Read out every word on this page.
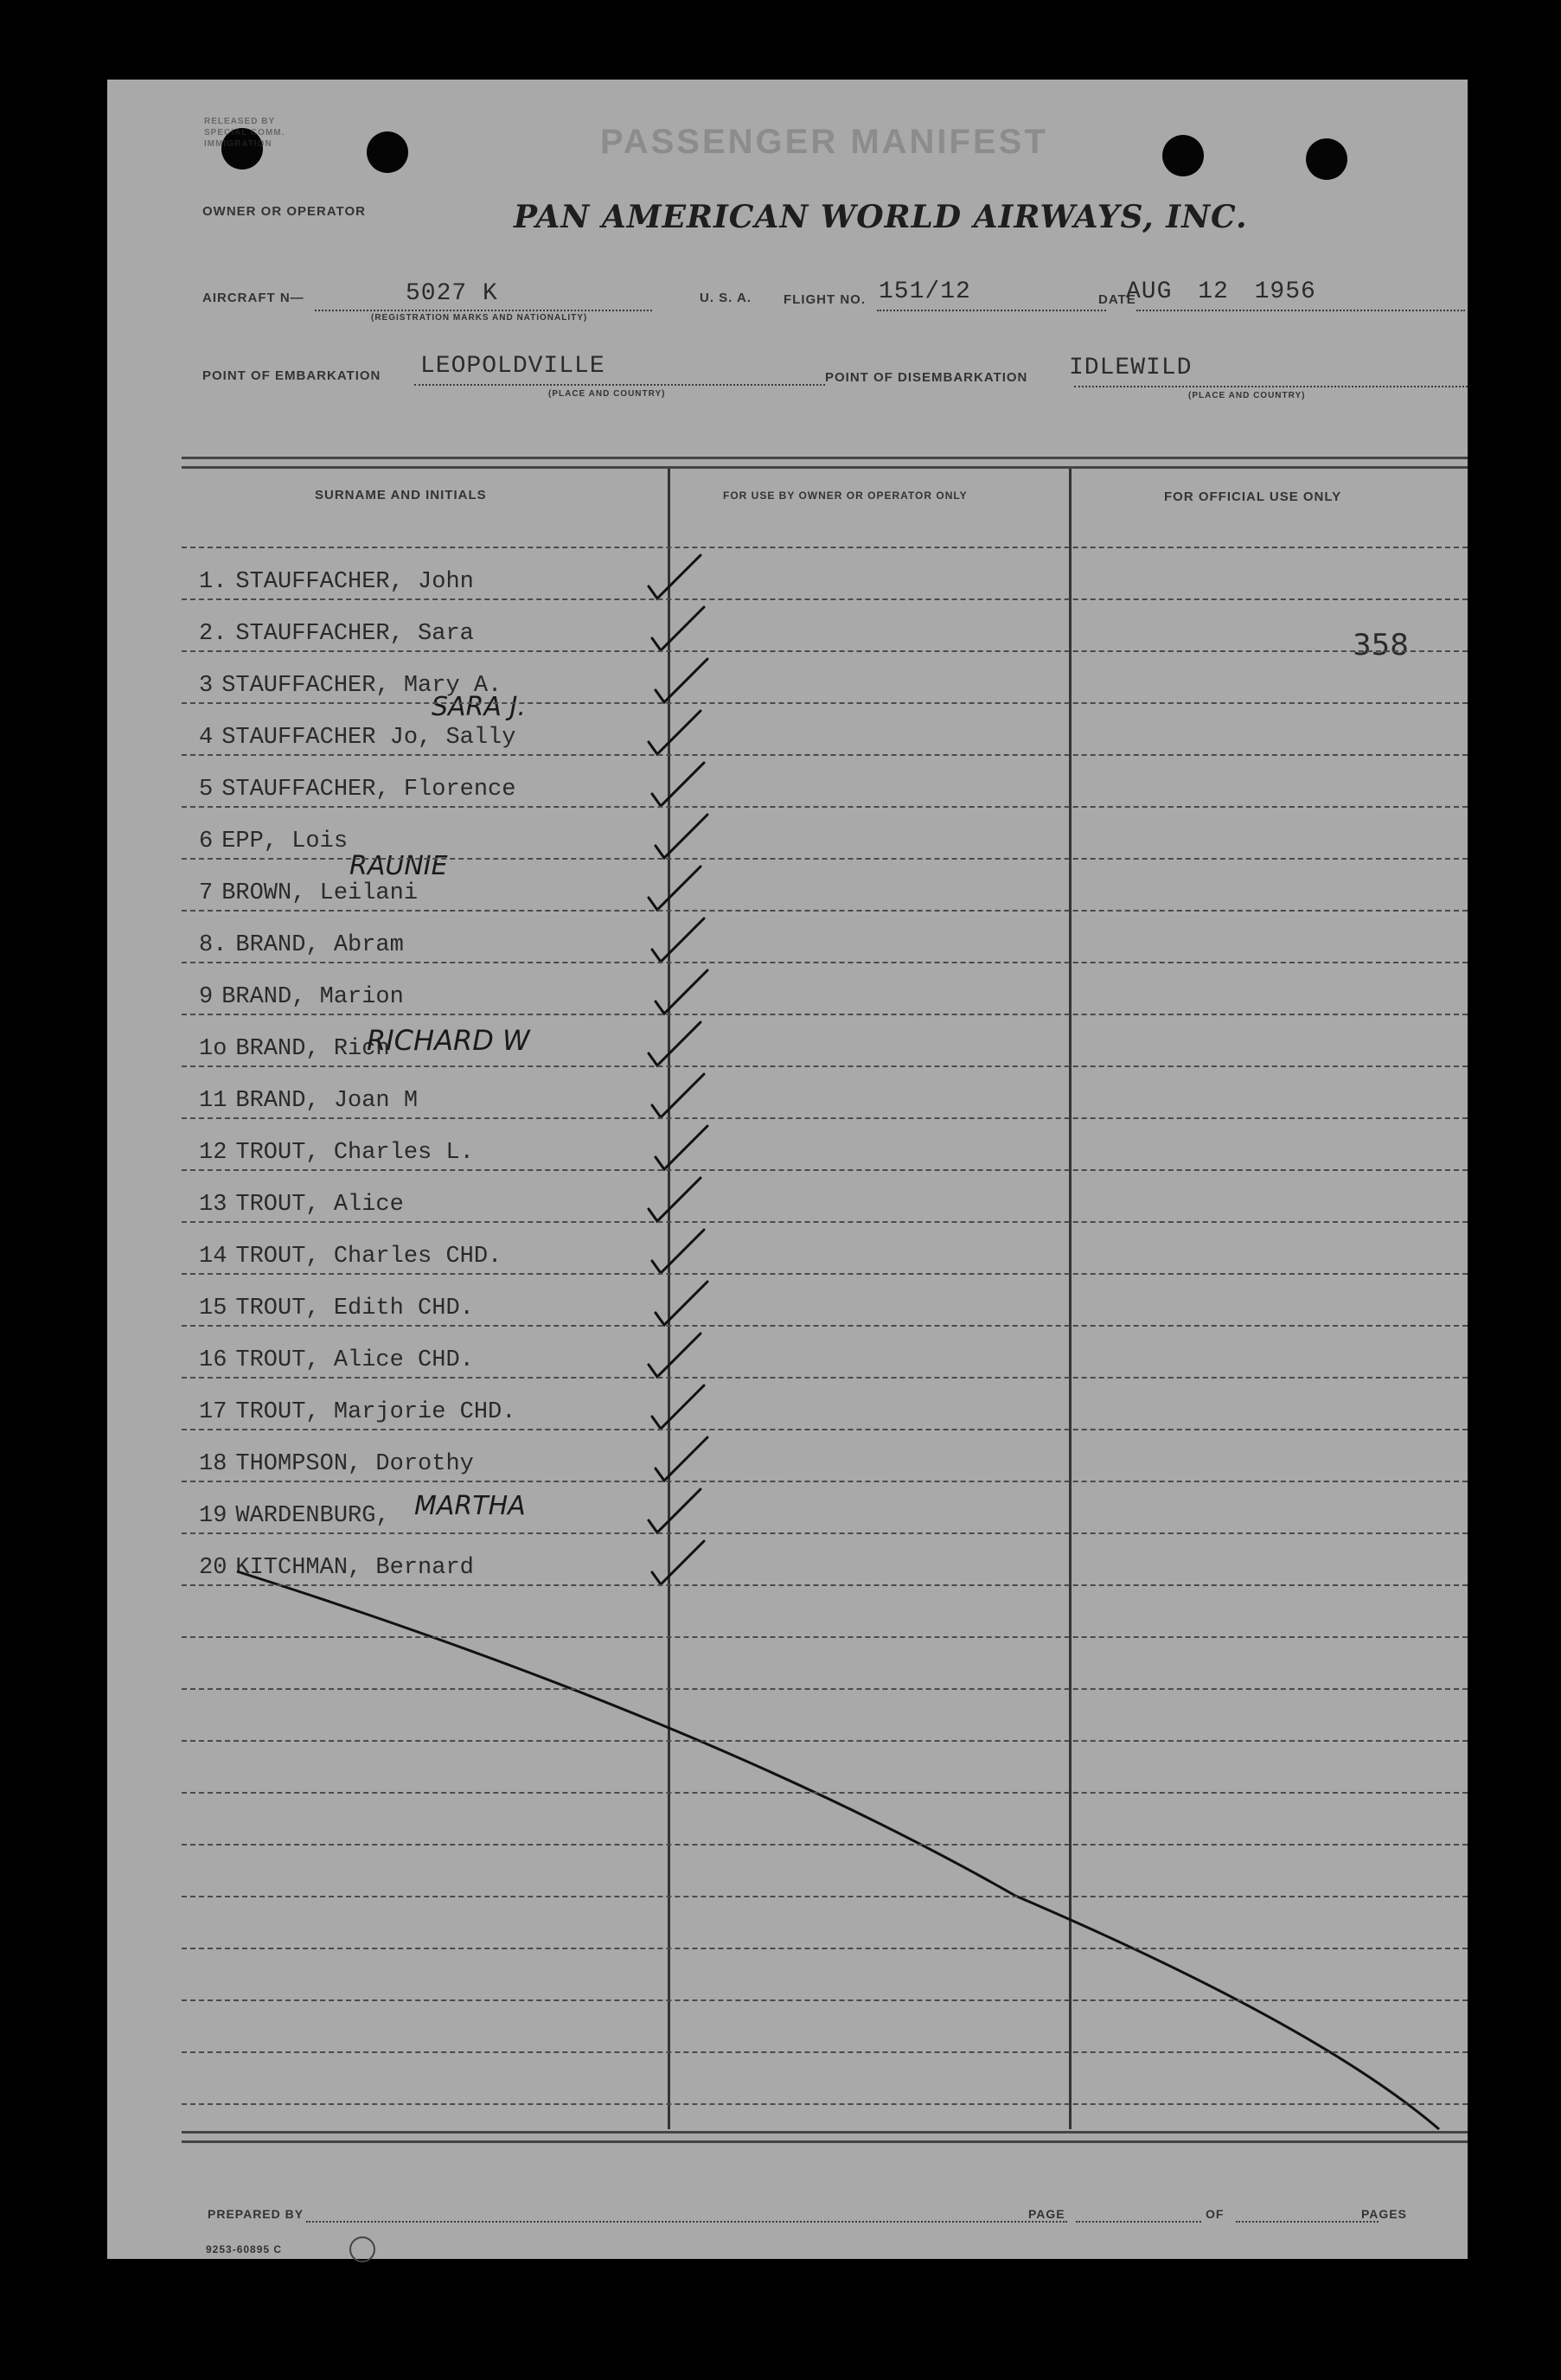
RELEASED BY
SPECIAL COMM.
IMMIGRATION	PASSENGER MANIFEST
OWNER OR OPERATOR	PAN AMERICAN WORLD AIRWAYS, INC.
AIRCRAFT N—	5027 K
(REGISTRATION MARKS AND NATIONALITY)
U. S. A. FLIGHT NO. 151/12	DATE
AUG 12 1956
POINT OF EMBARKATION LEOPOLDVILLE
(PLACE AND COUNTRY)
POINT OF DISEMBARKATION IDLEWILD
(PLACE AND COUNTRY)
SURNAME AND INITIALS	FOR USE BY OWNER OR OPERATOR ONLY	FOR OFFICIAL USE ONLY
358
1. STAUFFACHER, John
2. STAUFFACHER, Sara
3 STAUFFACHER, Mary A.
4 STAUFFACHER Jo, Sally
SARA J.
5 STAUFFACHER, Florence
6 EPP, Lois
7 BROWN, Leilani
RAUNIE
8. BRAND, Abram
9 BRAND, Marion
1o BRAND, Rich
RICHARD W
11 BRAND, Joan M
12 TROUT, Charles L.
13 TROUT, Alice
14 TROUT, Charles CHD.
15 TROUT, Edith CHD.
16 TROUT, Alice CHD.
17 TROUT, Marjorie CHD.
18 THOMPSON, Dorothy
19 WARDENBURG, MARTHA
20 KITCHMAN, Bernard
PREPARED BY	PAGE	OF	PAGES
9253-60895 C
